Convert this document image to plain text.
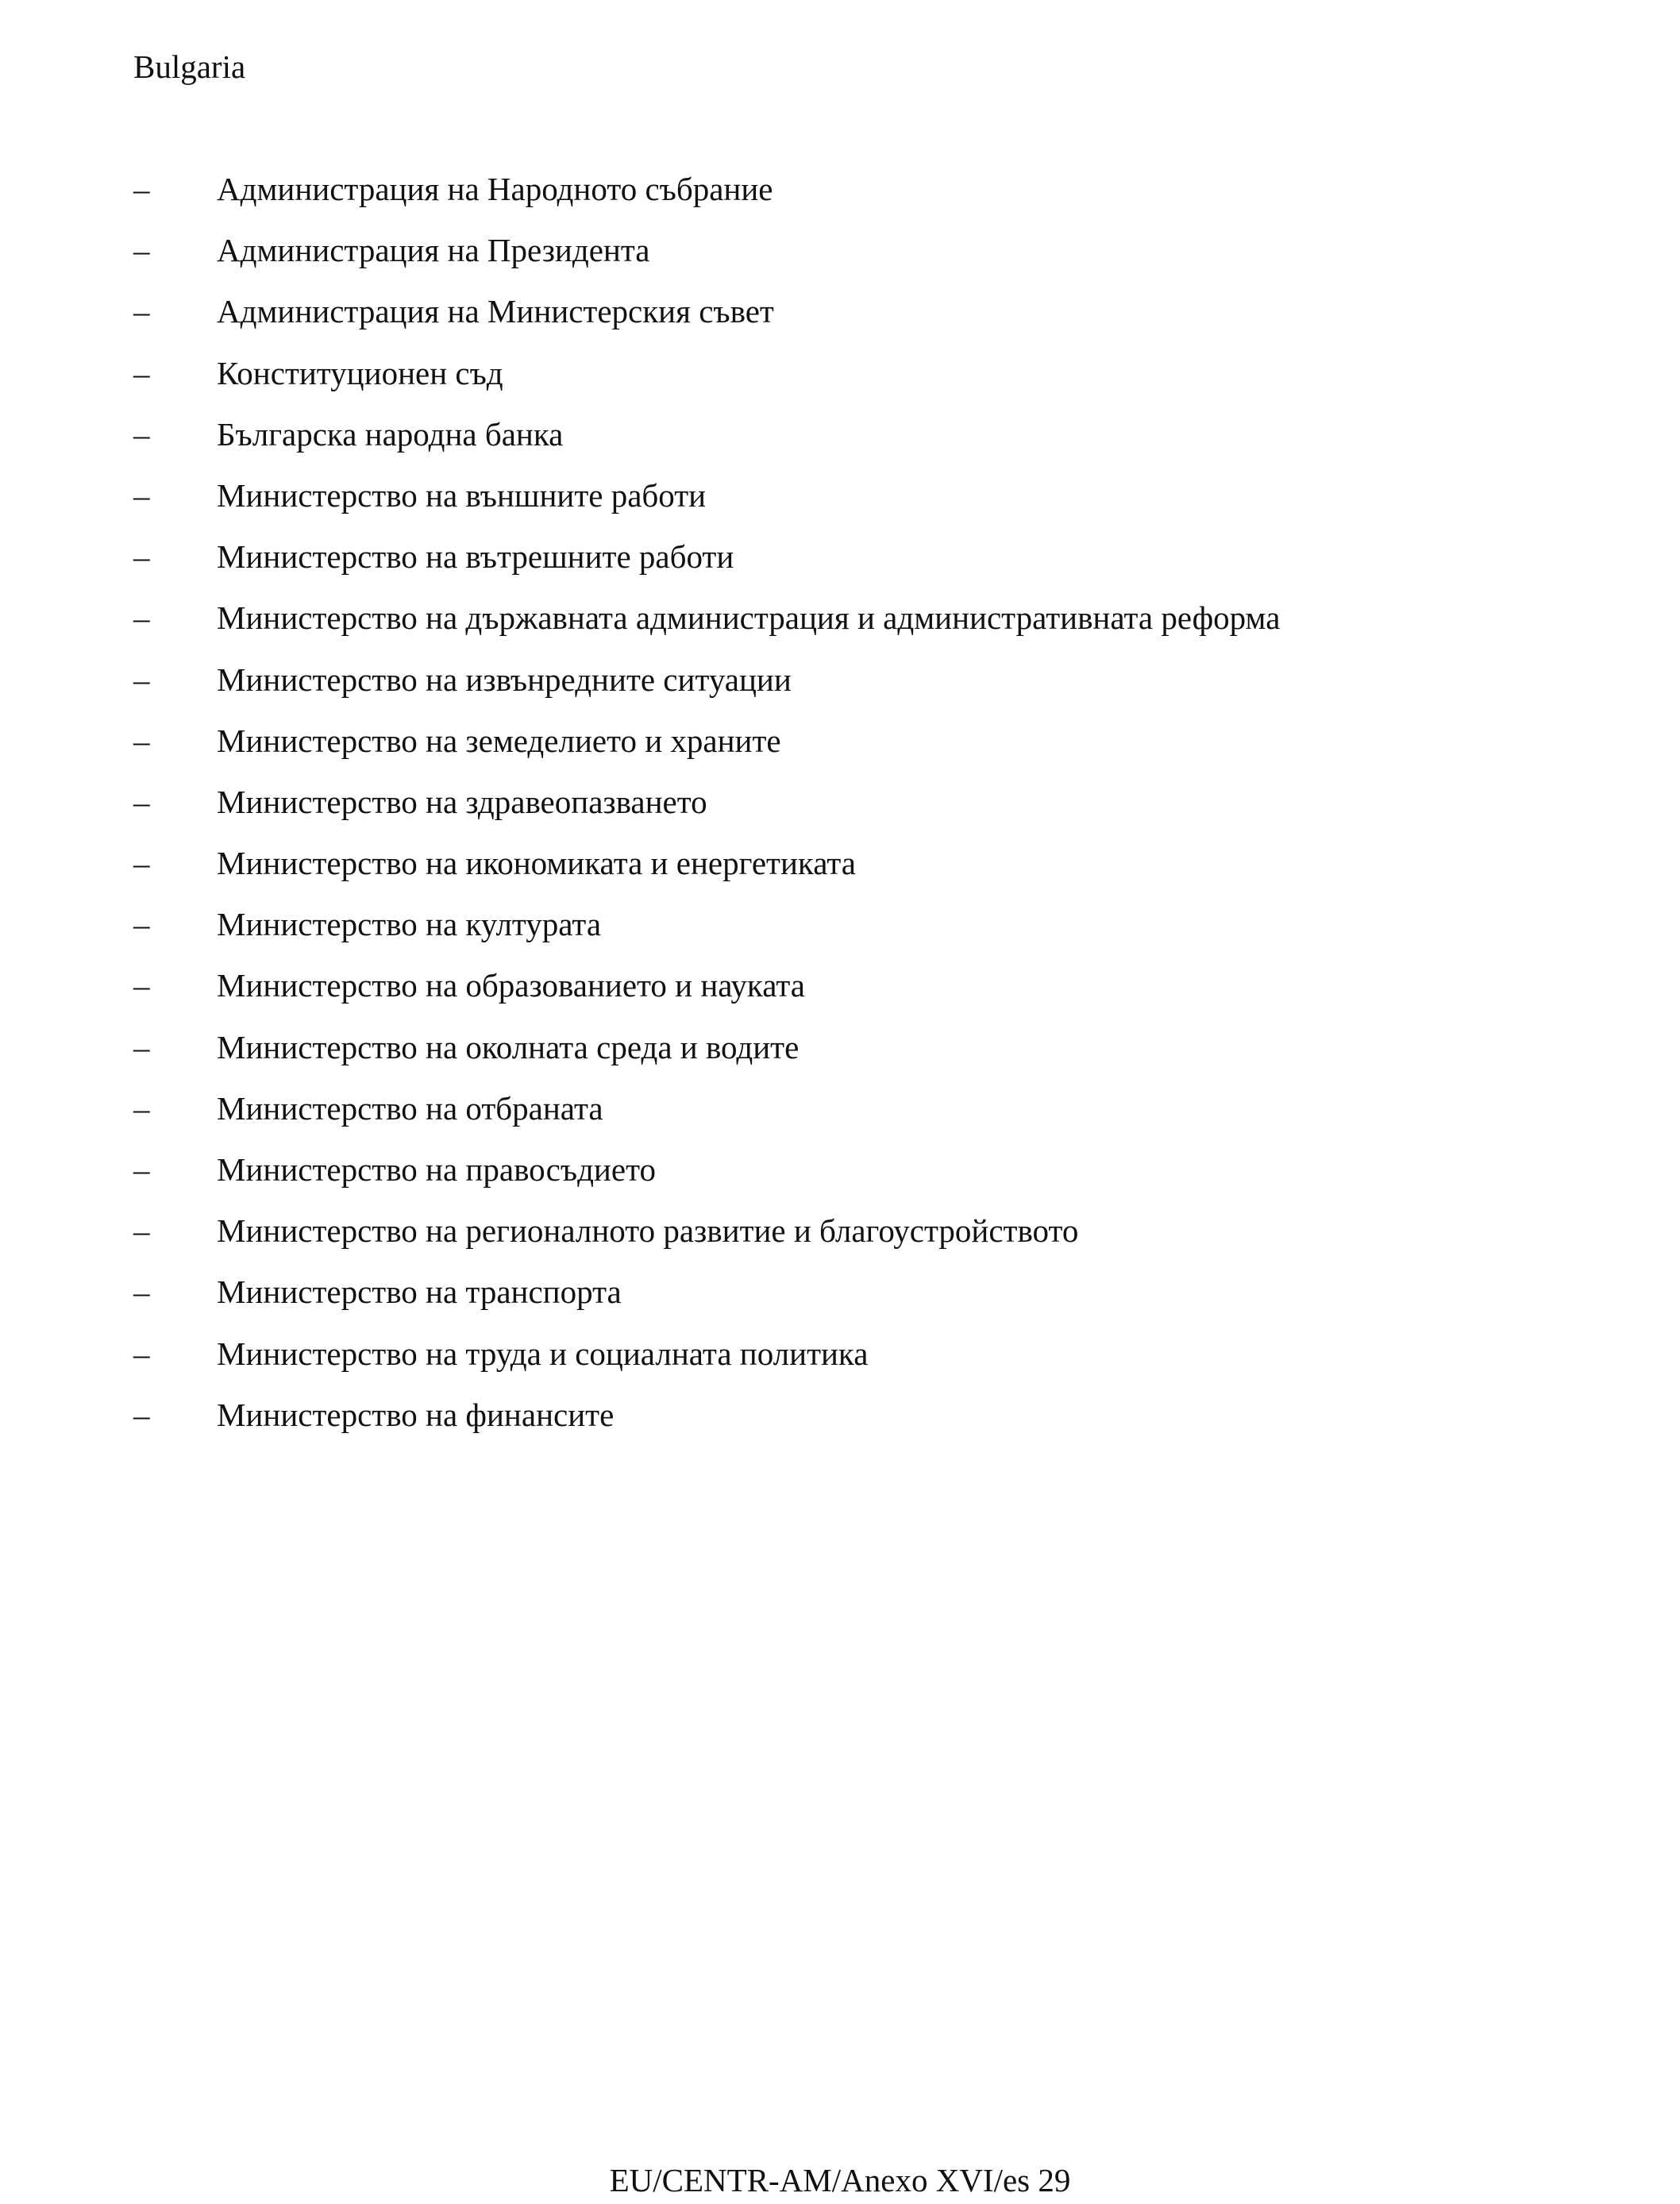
Bulgaria
–	Администрация на Народното събрание
–	Администрация на Президента
–	Администрация на Министерския съвет
–	Конституционен съд
–	Българска народна банка
–	Министерство на външните работи
–	Министерство на вътрешните работи
–	Министерство на държавната администрация и административната реформа
–	Министерство на извънредните ситуации
–	Министерство на земеделието и храните
–	Министерство на здравеопазването
–	Министерство на икономиката и енергетиката
–	Министерство на културата
–	Министерство на образованието и науката
–	Министерство на околната среда и водите
–	Министерство на отбраната
–	Министерство на правосъдието
–	Министерство на регионалното развитие и благоустройството
–	Министерство на транспорта
–	Министерство на труда и социалната политика
–	Министерство на финансите
EU/CENTR-AM/Anexo XVI/es 29
